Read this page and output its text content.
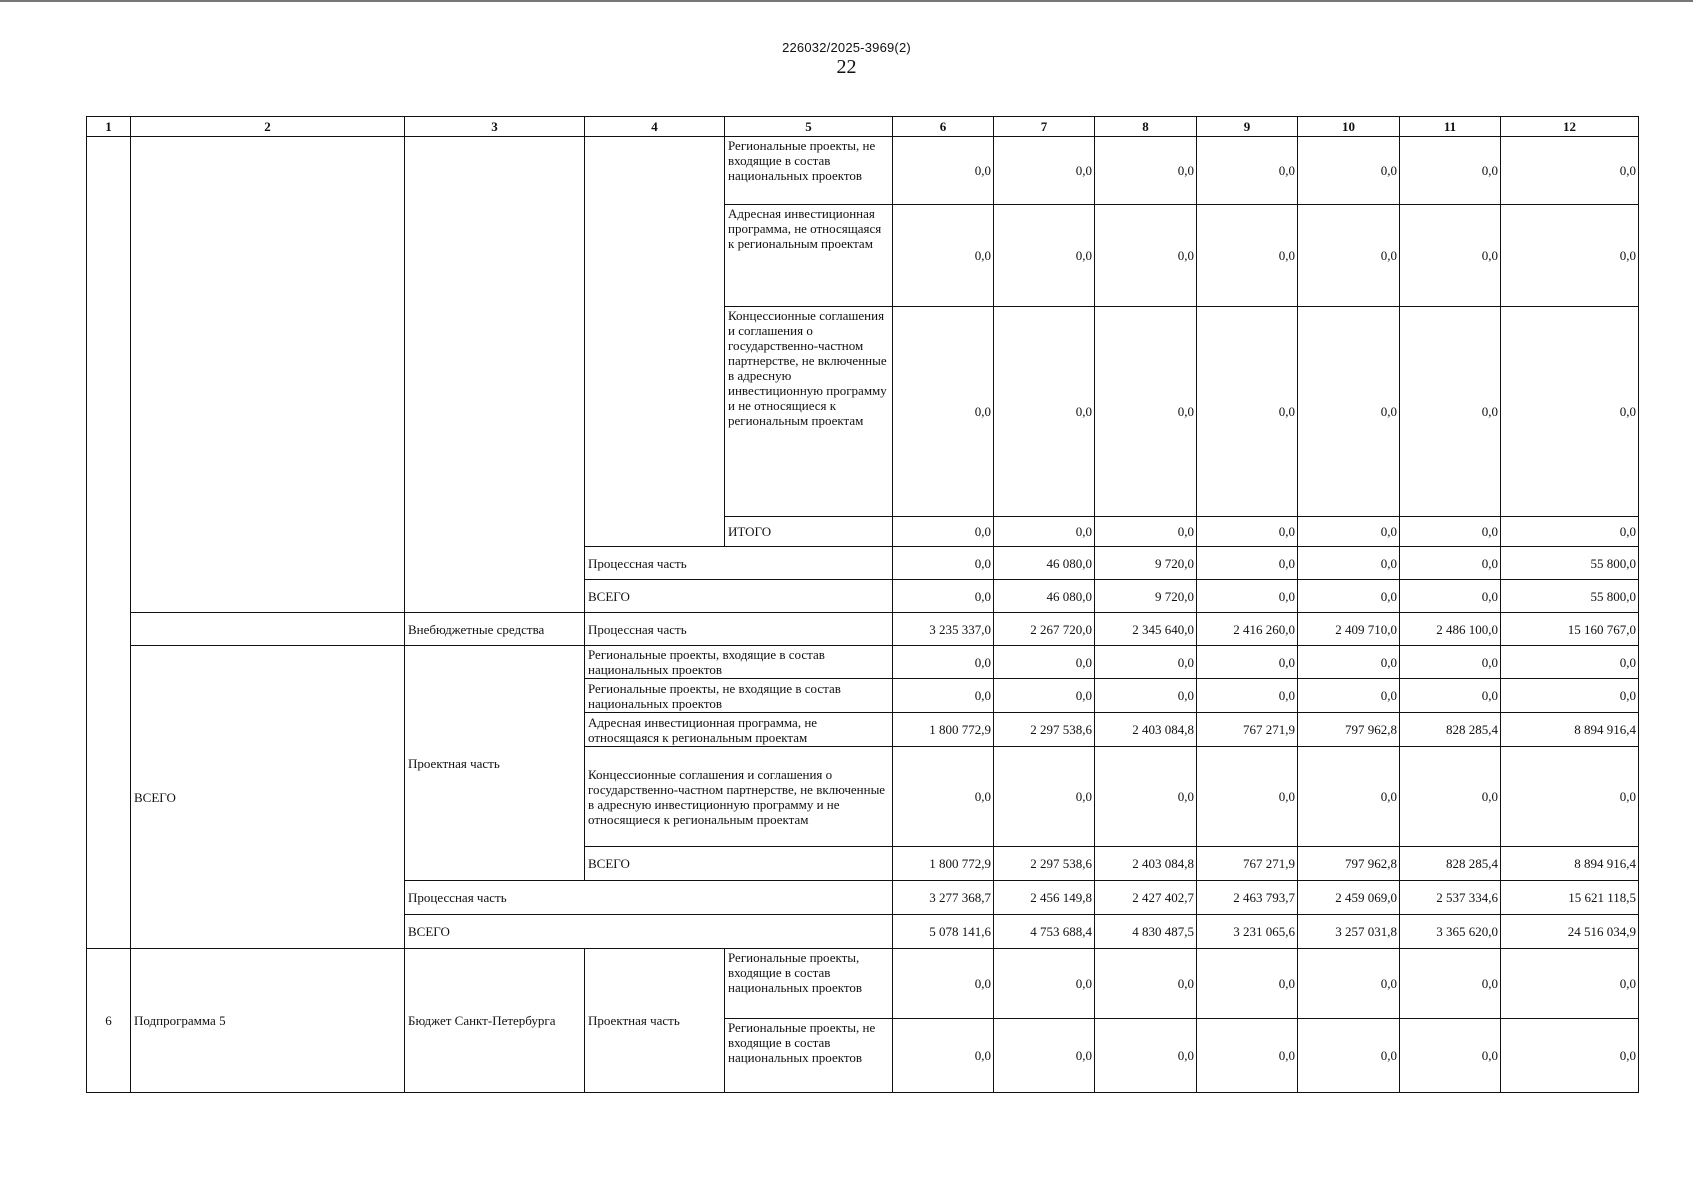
226032/2025-3969(2)
22
1	2	3	4	5	6	7	8	9	10	11	12
				Региональные проекты, не входящие в состав национальных проектов	0,0	0,0	0,0	0,0	0,0	0,0	0,0
				Адресная инвестиционная программа, не относящаяся к региональным проектам	0,0	0,0	0,0	0,0	0,0	0,0	0,0
				Концессионные соглашения и соглашения о государственно-частном партнерстве, не включенные в адресную инвестиционную программу и не относящиеся к региональным проектам	0,0	0,0	0,0	0,0	0,0	0,0	0,0
				ИТОГО	0,0	0,0	0,0	0,0	0,0	0,0	0,0
			Процессная часть		0,0	46 080,0	9 720,0	0,0	0,0	0,0	55 800,0
			ВСЕГО		0,0	46 080,0	9 720,0	0,0	0,0	0,0	55 800,0
		Внебюджетные средства	Процессная часть		3 235 337,0	2 267 720,0	2 345 640,0	2 416 260,0	2 409 710,0	2 486 100,0	15 160 767,0
	ВСЕГО	Проектная часть	Региональные проекты, входящие в состав национальных проектов		0,0	0,0	0,0	0,0	0,0	0,0	0,0
			Региональные проекты, не входящие в состав национальных проектов		0,0	0,0	0,0	0,0	0,0	0,0	0,0
			Адресная инвестиционная программа, не относящаяся к региональным проектам		1 800 772,9	2 297 538,6	2 403 084,8	767 271,9	797 962,8	828 285,4	8 894 916,4
			Концессионные соглашения и соглашения о государственно-частном партнерстве, не включенные в адресную инвестиционную программу и не относящиеся к региональным проектам		0,0	0,0	0,0	0,0	0,0	0,0	0,0
			ВСЕГО		1 800 772,9	2 297 538,6	2 403 084,8	767 271,9	797 962,8	828 285,4	8 894 916,4
		Процессная часть			3 277 368,7	2 456 149,8	2 427 402,7	2 463 793,7	2 459 069,0	2 537 334,6	15 621 118,5
		ВСЕГО			5 078 141,6	4 753 688,4	4 830 487,5	3 231 065,6	3 257 031,8	3 365 620,0	24 516 034,9
6	Подпрограмма 5	Бюджет Санкт-Петербурга	Проектная часть	Региональные проекты, входящие в состав национальных проектов	0,0	0,0	0,0	0,0	0,0	0,0	0,0
				Региональные проекты, не входящие в состав национальных проектов	0,0	0,0	0,0	0,0	0,0	0,0	0,0
